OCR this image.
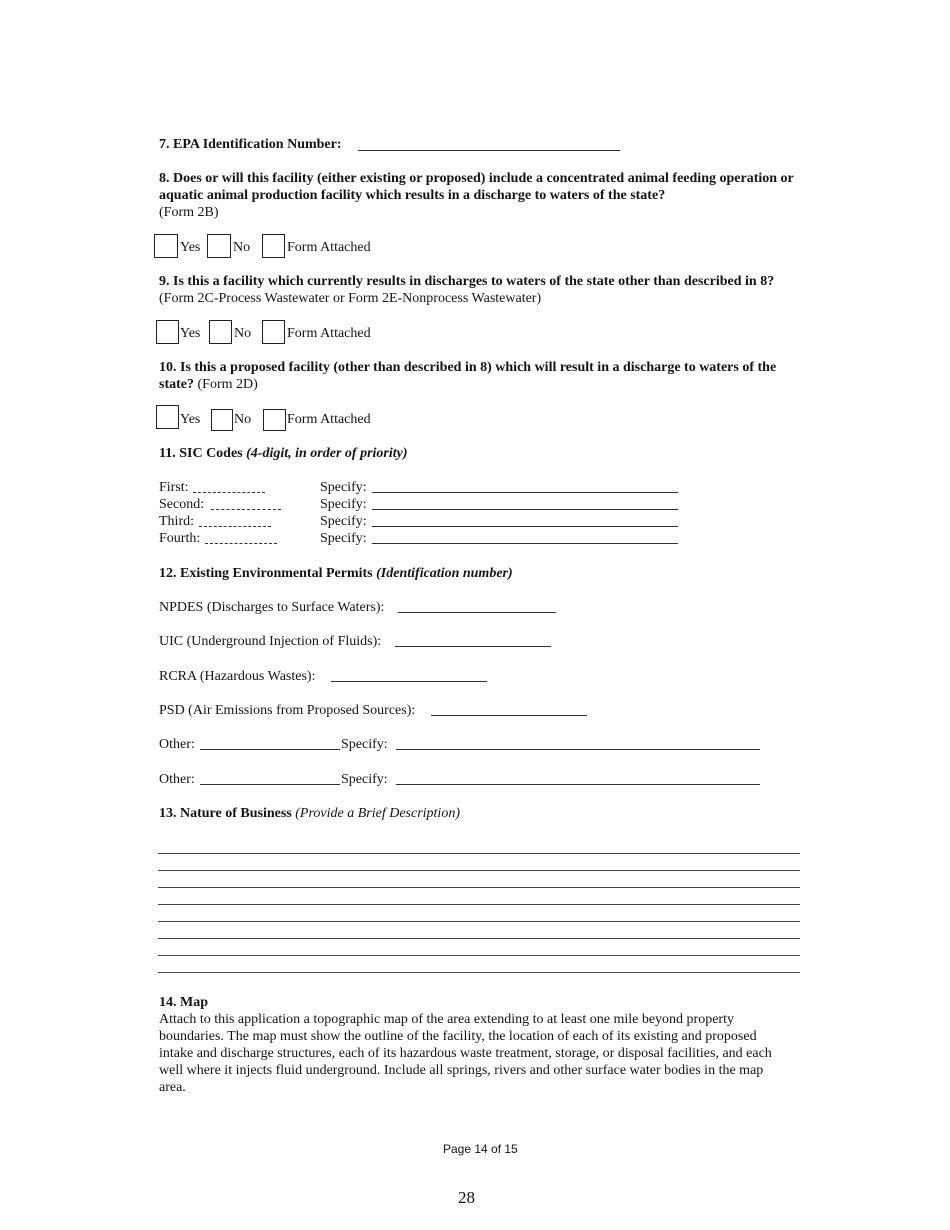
7. EPA Identification Number:
8. Does or will this facility (either existing or proposed) include a concentrated animal feeding operation or aquatic animal production facility which results in a discharge to waters of the state?
(Form 2B)
Yes No	Form Attached
9. Is this a facility which currently results in discharges to waters of the state other than described in 8? (Form 2C-Process Wastewater or Form 2E-Nonprocess Wastewater)
Yes No	Form Attached
10. Is this a proposed facility (other than described in 8) which will result in a discharge to waters of the state? (Form 2D)
Yes No	Form Attached
11. SIC Codes (4-digit, in order of priority)
First:	Specify:
Second:	Specify:
Third:	Specify:
Fourth:	Specify:
12. Existing Environmental Permits (Identification number)
NPDES (Discharges to Surface Waters):
UIC (Underground Injection of Fluids):
RCRA (Hazardous Wastes):
PSD (Air Emissions from Proposed Sources):
Other:	Specify:
Other:	Specify:
13. Nature of Business (Provide a Brief Description)
14. Map
Attach to this application a topographic map of the area extending to at least one mile beyond property boundaries. The map must show the outline of the facility, the location of each of its existing and proposed intake and discharge structures, each of its hazardous waste treatment, storage, or disposal facilities, and each well where it injects fluid underground. Include all springs, rivers and other surface water bodies in the map area.
Page 14 of 15
28
